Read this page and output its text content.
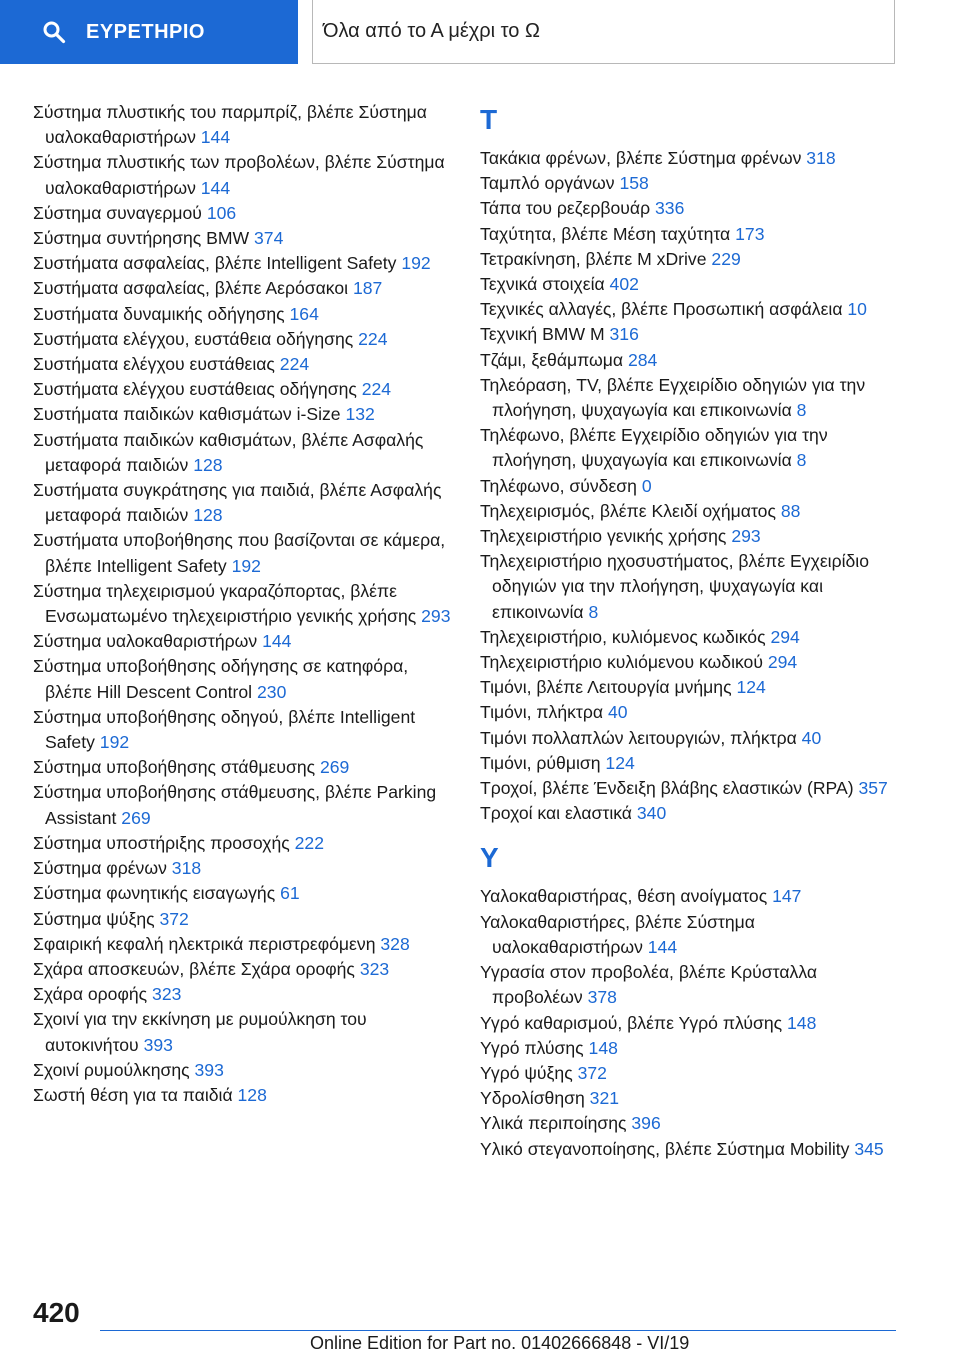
ΕΥΡΕΤΗΡΙΟ	Όλα από το Α μέχρι το Ω
Σύστημα πλυστικής του παρμπρίζ, βλέπε Σύστημα υαλοκαθαριστήρων 144
Σύστημα πλυστικής των προβολέων, βλέπε Σύστημα υαλοκαθαριστήρων 144
Σύστημα συναγερμού 106
Σύστημα συντήρησης BMW 374
Συστήματα ασφαλείας, βλέπε Intelligent Safety 192
Συστήματα ασφαλείας, βλέπε Αερόσακοι 187
Συστήματα δυναμικής οδήγησης 164
Συστήματα ελέγχου, ευστάθεια οδήγησης 224
Συστήματα ελέγχου ευστάθειας 224
Συστήματα ελέγχου ευστάθειας οδήγησης 224
Συστήματα παιδικών καθισμάτων i-Size 132
Συστήματα παιδικών καθισμάτων, βλέπε Ασφαλής μεταφορά παιδιών 128
Συστήματα συγκράτησης για παιδιά, βλέπε Ασφαλής μεταφορά παιδιών 128
Συστήματα υποβοήθησης που βασίζονται σε κάμερα, βλέπε Intelligent Safety 192
Σύστημα τηλεχειρισμού γκαραζόπορτας, βλέπε Ενσωματωμένο τηλεχειριστήριο γενικής χρήσης 293
Σύστημα υαλοκαθαριστήρων 144
Σύστημα υποβοήθησης οδήγησης σε κατηφόρα, βλέπε Hill Descent Control 230
Σύστημα υποβοήθησης οδηγού, βλέπε Intelligent Safety 192
Σύστημα υποβοήθησης στάθμευσης 269
Σύστημα υποβοήθησης στάθμευσης, βλέπε Parking Assistant 269
Σύστημα υποστήριξης προσοχής 222
Σύστημα φρένων 318
Σύστημα φωνητικής εισαγωγής 61
Σύστημα ψύξης 372
Σφαιρική κεφαλή ηλεκτρικά περιστρεφόμενη 328
Σχάρα αποσκευών, βλέπε Σχάρα οροφής 323
Σχάρα οροφής 323
Σχοινί για την εκκίνηση με ρυμούλκηση του αυτοκινήτου 393
Σχοινί ρυμούλκησης 393
Σωστή θέση για τα παιδιά 128
Τ
Τακάκια φρένων, βλέπε Σύστημα φρένων 318
Ταμπλό οργάνων 158
Τάπα του ρεζερβουάρ 336
Ταχύτητα, βλέπε Μέση ταχύτητα 173
Τετρακίνηση, βλέπε M xDrive 229
Τεχνικά στοιχεία 402
Τεχνικές αλλαγές, βλέπε Προσωπική ασφάλεια 10
Τεχνική BMW M 316
Τζάμι, ξεθάμπωμα 284
Τηλεόραση, TV, βλέπε Εγχειρίδιο οδηγιών για την πλοήγηση, ψυχαγωγία και επικοινωνία 8
Τηλέφωνο, βλέπε Εγχειρίδιο οδηγιών για την πλοήγηση, ψυχαγωγία και επικοινωνία 8
Τηλέφωνο, σύνδεση 0
Τηλεχειρισμός, βλέπε Κλειδί οχήματος 88
Τηλεχειριστήριο γενικής χρήσης 293
Τηλεχειριστήριο ηχοσυστήματος, βλέπε Εγχειρίδιο οδηγιών για την πλοήγηση, ψυχαγωγία και επικοινωνία 8
Τηλεχειριστήριο, κυλιόμενος κωδικός 294
Τηλεχειριστήριο κυλιόμενου κωδικού 294
Τιμόνι, βλέπε Λειτουργία μνήμης 124
Τιμόνι, πλήκτρα 40
Τιμόνι πολλαπλών λειτουργιών, πλήκτρα 40
Τιμόνι, ρύθμιση 124
Τροχοί, βλέπε Ένδειξη βλάβης ελαστικών (RPA) 357
Τροχοί και ελαστικά 340
Υ
Υαλοκαθαριστήρας, θέση ανοίγματος 147
Υαλοκαθαριστήρες, βλέπε Σύστημα υαλοκαθαριστήρων 144
Υγρασία στον προβολέα, βλέπε Κρύσταλλα προβολέων 378
Υγρό καθαρισμού, βλέπε Υγρό πλύσης 148
Υγρό πλύσης 148
Υγρό ψύξης 372
Υδρολίσθηση 321
Υλικά περιποίησης 396
Υλικό στεγανοποίησης, βλέπε Σύστημα Mobility 345
420
Online Edition for Part no. 01402666848 - VI/19
